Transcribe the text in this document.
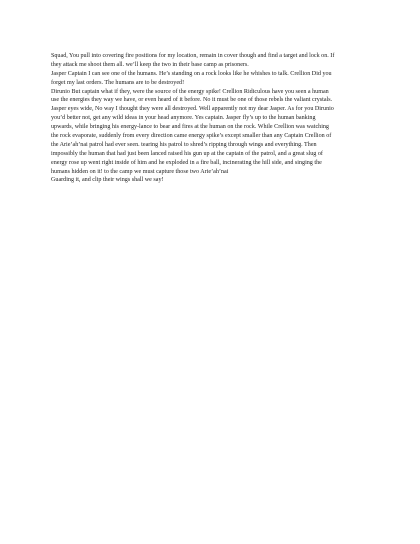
Squad, You pull into covering fire positions for my location, remain in cover though and find a target and lock on. If
they attack me shoot them all. we’ll keep the two in their base camp as prisoners.
Jasper Captain I can see one of the humans. He’s standing on a rock looks like he whishes to talk. Crellion Did you
forget my last orders. The humans are to be destroyed!
Dirunio But captain what if they, were the source of the energy spike! Crellion Ridiculous have you seen a human
use the energies they way we have, or even heard of it before. No it must be one of those rebels the valiant crystals.
Jasper eyes wide, No way I thought they were all destroyed. Well apparently not my dear Jasper. As for you Dirunio
you’d better not, get any wild ideas in your head anymore. Yes captain. Jasper fly’s up to the human banking
upwards, while bringing his energy-lance to bear and fires at the human on the rock. While Crellion was watching
the rock evaporate, suddenly from every direction came energy spike’s except smaller than any Captain Crellion of
the Arie’ah’nai patrol had ever seen. tearing his patrol to shred’s ripping through wings and everything. Then
impossibly the human that had just been lanced raised his gun up at the captain of the patrol, and a great slug of
energy rose up went right inside of him and he exploded in a fire ball, incinerating the hill side, and singing the
humans hidden on it! to the camp we must capture those two Arie’ah’nai
Guarding it, and clip their wings shall we say!
